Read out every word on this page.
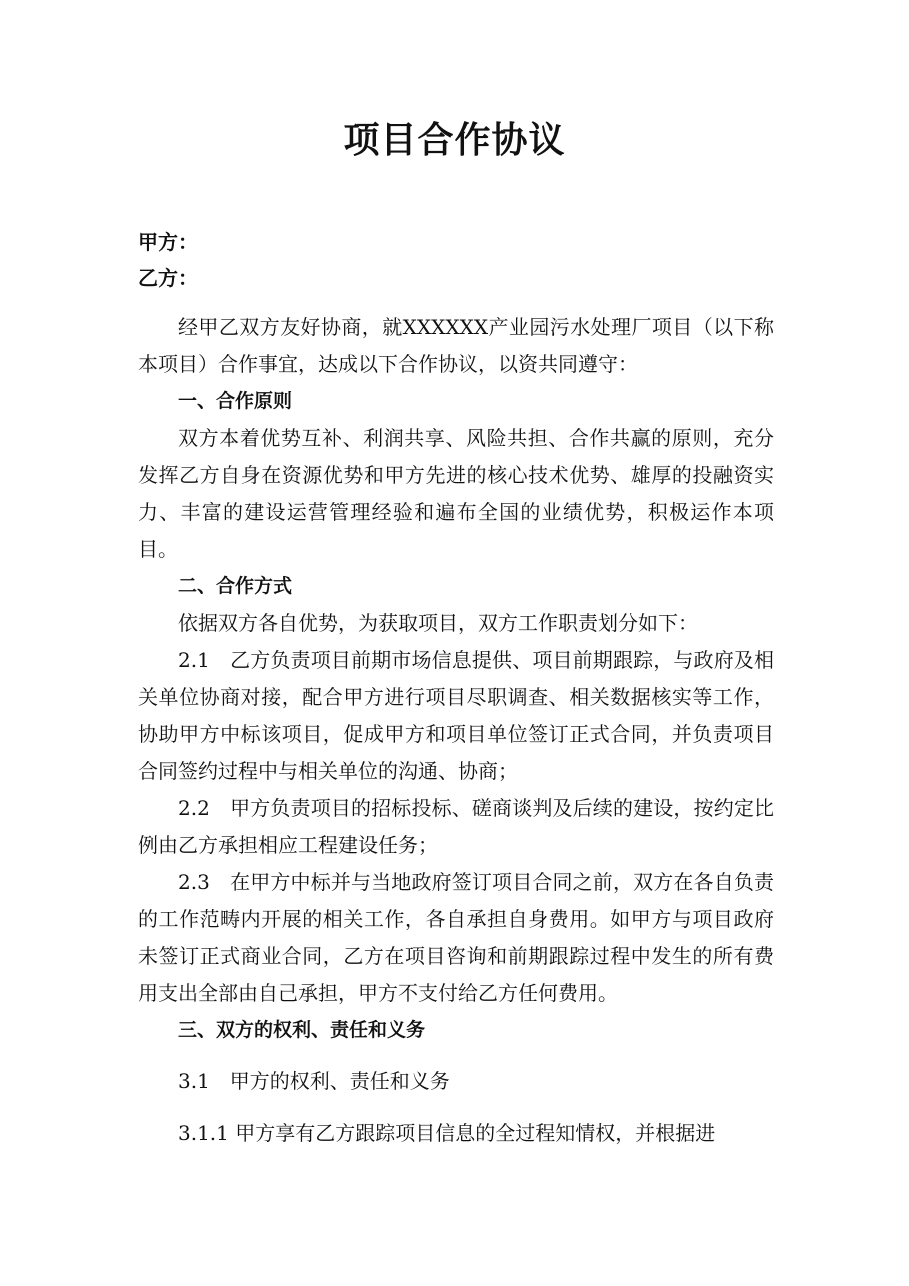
项目合作协议
甲方：
乙方：

经甲乙双方友好协商，就XXXXXX产业园污水处理厂项目（以下称本项目）合作事宜，达成以下合作协议，以资共同遵守：

一、合作原则

双方本着优势互补、利润共享、风险共担、合作共赢的原则，充分发挥乙方自身在资源优势和甲方先进的核心技术优势、雄厚的投融资实力、丰富的建设运营管理经验和遍布全国的业绩优势，积极运作本项目。

二、合作方式

依据双方各自优势，为获取项目，双方工作职责划分如下：

2.1　乙方负责项目前期市场信息提供、项目前期跟踪，与政府及相关单位协商对接，配合甲方进行项目尽职调查、相关数据核实等工作，协助甲方中标该项目，促成甲方和项目单位签订正式合同，并负责项目合同签约过程中与相关单位的沟通、协商；

2.2　甲方负责项目的招标投标、磋商谈判及后续的建设，按约定比例由乙方承担相应工程建设任务；

2.3　在甲方中标并与当地政府签订项目合同之前，双方在各自负责的工作范畴内开展的相关工作，各自承担自身费用。如甲方与项目政府未签订正式商业合同，乙方在项目咨询和前期跟踪过程中发生的所有费用支出全部由自己承担，甲方不支付给乙方任何费用。

三、双方的权利、责任和义务

3.1　甲方的权利、责任和义务

3.1.1 甲方享有乙方跟踪项目信息的全过程知情权，并根据进
